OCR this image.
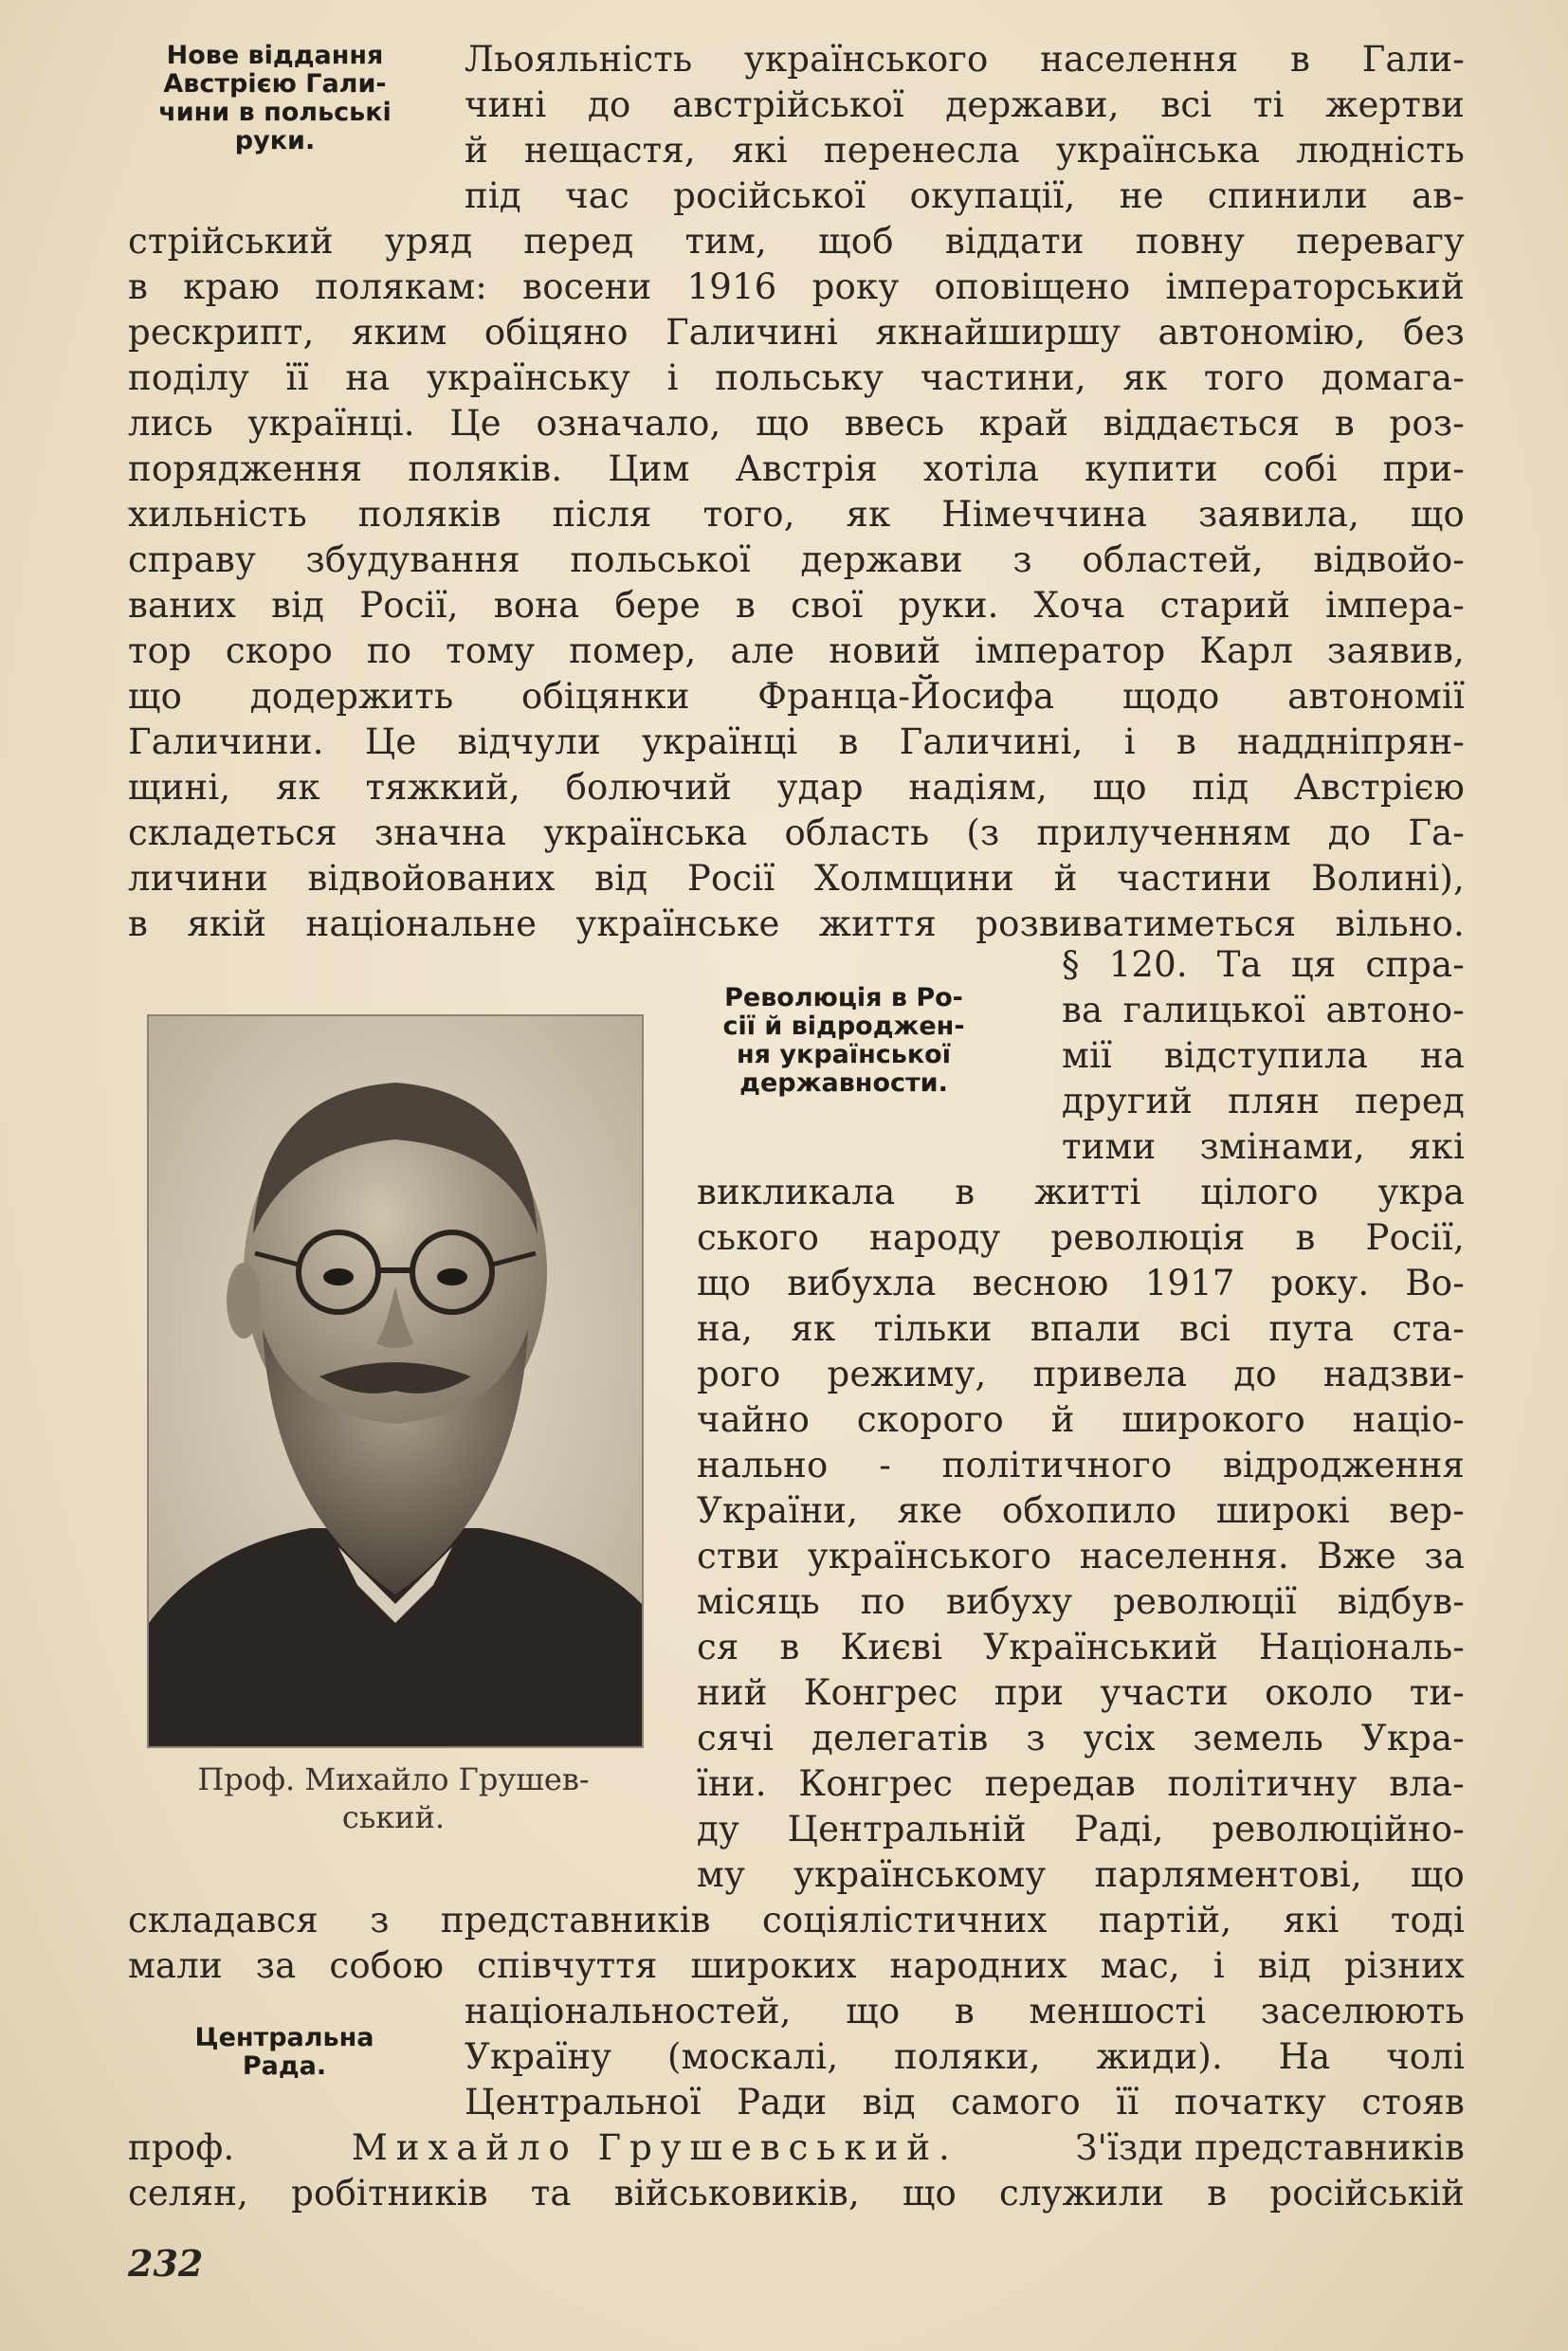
Нове віддання
Австрією Гали-
чини в польські
руки.

Льояльність українського населення в Гали-

чині до австрійської держави, всі ті жертви

й нещастя, які перенесла українська людність

під час російської окупації, не спинили ав-

стрійський уряд перед тим, щоб віддати повну перевагу

в краю полякам: восени 1916 року оповіщено імператорський

рескрипт, яким обіцяно Галичині якнайширшу автономію, без

поділу її на українську і польську частини, як того домага-

лись українці. Це означало, що ввесь край віддається в роз-

порядження поляків. Цим Австрія хотіла купити собі при-

хильність поляків після того, як Німеччина заявила, що

справу збудування польської держави з областей, відвойо-

ваних від Росії, вона бере в свої руки. Хоча старий імпера-

тор скоро по тому помер, але новий імператор Карл заявив,

що додержить обіцянки Франца-Йосифа щодо автономії

Галичини. Це відчули українці в Галичині, і в наддніпрян-

щині, як тяжкий, болючий удар надіям, що під Австрією

складеться значна українська область (з прилученням до Га-

личини відвойованих від Росії Холмщини й частини Волині),

в якій національне українське життя розвиватиметься вільно.

Проф. Михайло Грушев-
ський.
Революція в Ро-
сії й відроджен-
ня української
державности.

§ 120. Та ця спра-

ва галицької автоно-

мії відступила на

другий плян перед

тими змінами, які

викликала в житті цілого укра

ського народу революція в Росії,

що вибухла весною 1917 року. Во-

на, як тільки впали всі пута ста-

рого режиму, привела до надзви-

чайно скорого й широкого націо-

нально - політичного відродження

України, яке обхопило широкі вер-

стви українського населення. Вже за

місяць по вибуху революції відбув-

ся в Києві Український Національ-

ний Конгрес при участи около ти-

сячі делегатів з усіх земель Укра-

їни. Конгрес передав політичну вла-

ду Центральній Раді, революційно-

му українському парляментові, що

складався з представників соціялістичних партій, які тоді

мали за собою співчуття широких народних мас, і від різних

Центральна
Рада.

національностей, що в меншості заселюють

Україну (москалі, поляки, жиди). На чолі

Центральної Ради від самого її початку стояв

проф.	Михайло Грушевський.	З'їзди представників

селян, робітників та військовиків, що служили в російській

232
